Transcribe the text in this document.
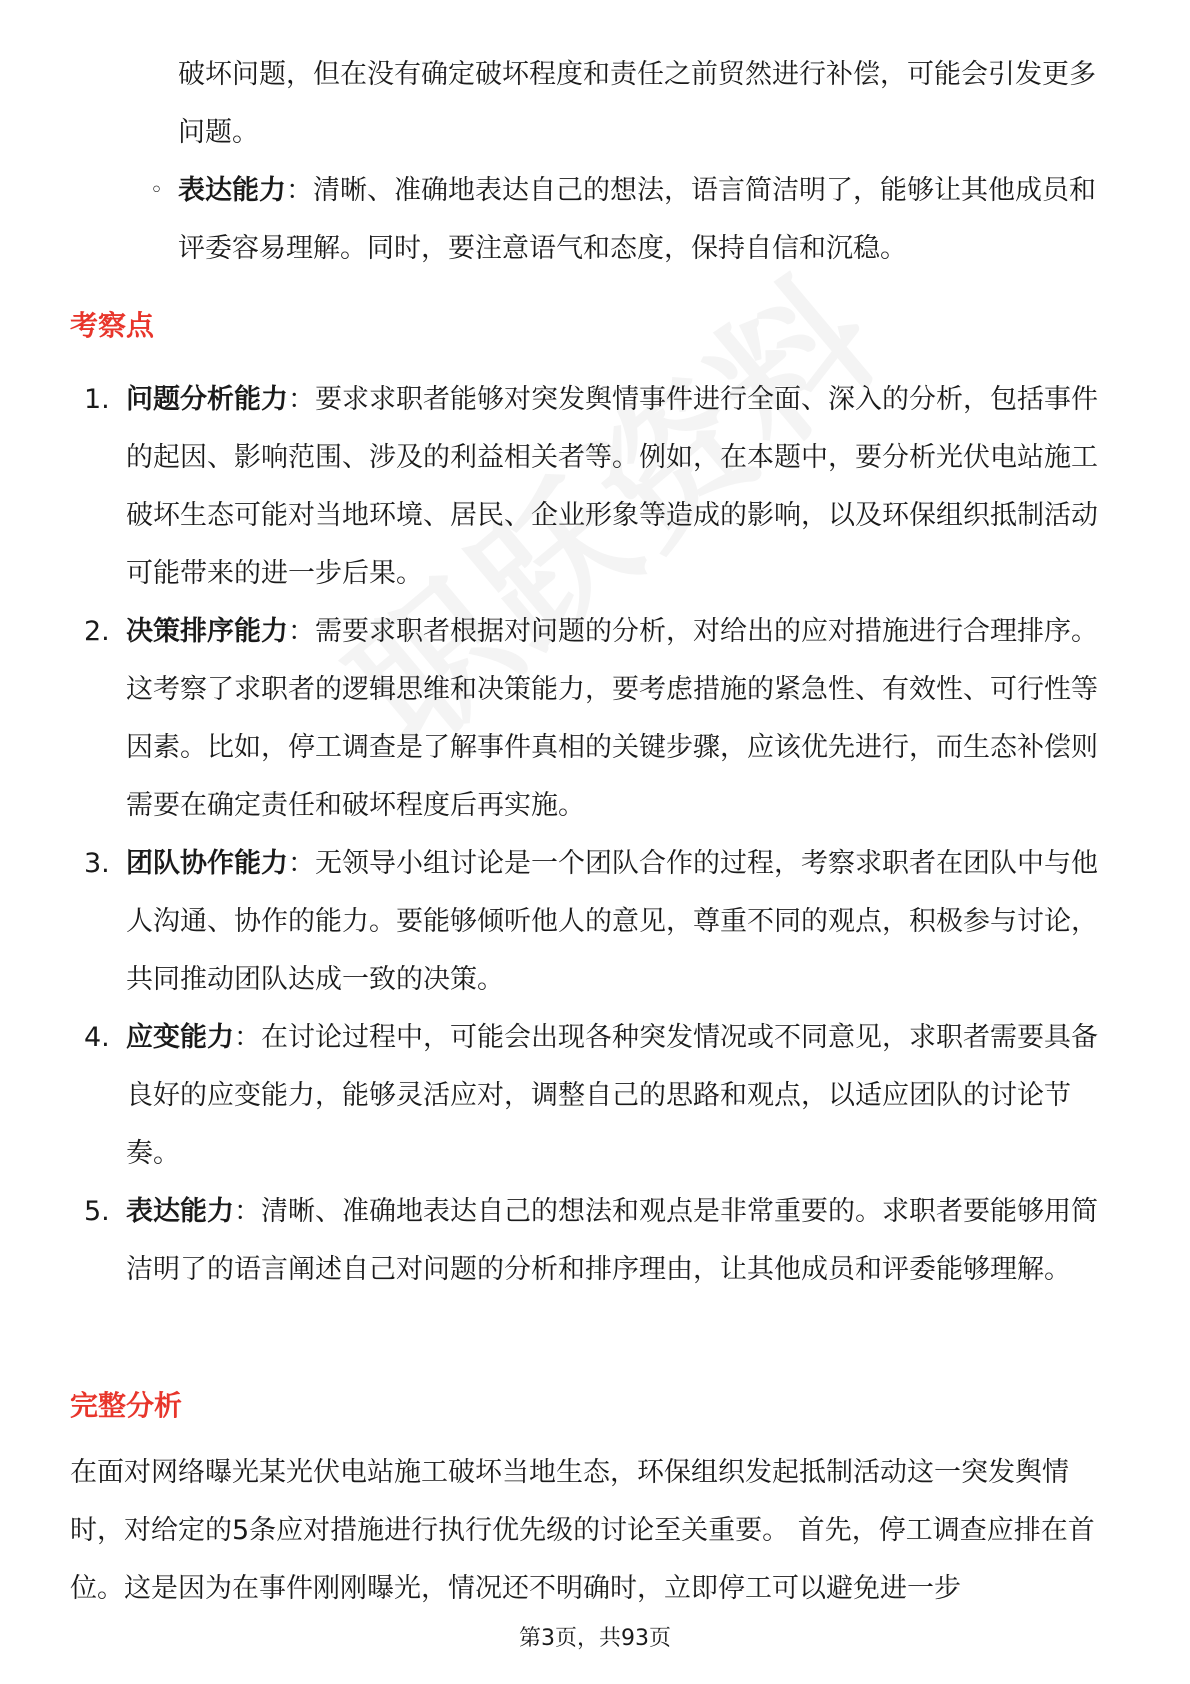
破坏问题，但在没有确定破坏程度和责任之前贸然进行补偿，可能会引发更多问题。

◦ 表达能力：清晰、准确地表达自己的想法，语言简洁明了，能够让其他成员和评委容易理解。同时，要注意语气和态度，保持自信和沉稳。

考察点
1. 问题分析能力：要求求职者能够对突发舆情事件进行全面、深入的分析，包括事件的起因、影响范围、涉及的利益相关者等。例如，在本题中，要分析光伏电站施工破坏生态可能对当地环境、居民、企业形象等造成的影响，以及环保组织抵制活动可能带来的进一步后果。

2. 决策排序能力：需要求职者根据对问题的分析，对给出的应对措施进行合理排序。这考察了求职者的逻辑思维和决策能力，要考虑措施的紧急性、有效性、可行性等因素。比如，停工调查是了解事件真相的关键步骤，应该优先进行，而生态补偿则需要在确定责任和破坏程度后再实施。

3. 团队协作能力：无领导小组讨论是一个团队合作的过程，考察求职者在团队中与他人沟通、协作的能力。要能够倾听他人的意见，尊重不同的观点，积极参与讨论，共同推动团队达成一致的决策。

4. 应变能力：在讨论过程中，可能会出现各种突发情况或不同意见，求职者需要具备良好的应变能力，能够灵活应对，调整自己的思路和观点，以适应团队的讨论节奏。

5. 表达能力：清晰、准确地表达自己的想法和观点是非常重要的。求职者要能够用简洁明了的语言阐述自己对问题的分析和排序理由，让其他成员和评委能够理解。

完整分析

在面对网络曝光某光伏电站施工破坏当地生态，环保组织发起抵制活动这一突发舆情时，对给定的5条应对措施进行执行优先级的讨论至关重要。 首先，停工调查应排在首位。这是因为在事件刚刚曝光，情况还不明确时，立即停工可以避免进一步

第3页，共93页
